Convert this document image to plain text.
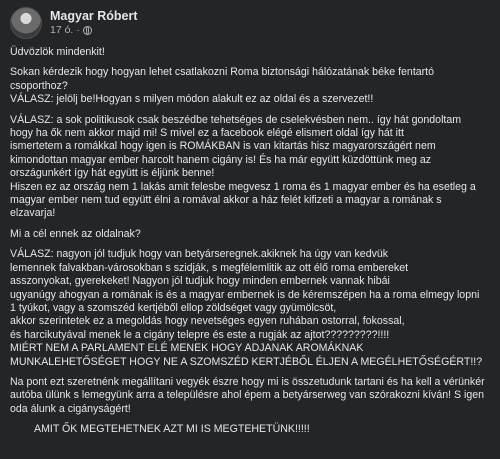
Magyar Róbert
17 ó. ·

Üdvözlök mindenkit!

Sokan kérdezik hogy hogyan lehet csatlakozni Roma biztonsági hálózatának béke fentartó

csoporthoz?

VÁLASZ: jelölj be!Hogyan s milyen módon alakult ez az oldal és a szervezet!!

VÁLASZ: a sok politikusok csak beszédbe tehetséges de cselekvésben nem.. így hát gondoltam

hogy ha ők nem akkor majd mi! S mivel ez a facebook elégé elismert oldal így hát itt

ismertetem a romákkal hogy igen is ROMÁKBAN is van kitartás hisz magyarországért nem

kimondottan magyar ember harcolt hanem cigány is! És ha már együtt küzdöttünk meg az

országunkért így hát együtt is éljünk benne!

Hiszen ez az ország nem 1 lakás amit felesbe megvesz 1 roma és 1 magyar ember és ha esetleg a

magyar ember nem tud együtt élni a romával akkor a ház felét kifizeti a magyar a romának s

elzavarja!

Mi a cél ennek az oldalnak?

VÁLASZ: nagyon jól tudjuk hogy van betyárseregnek.akiknek ha úgy van kedvük

lemennek falvakban-városokban s szidják, s megfélemlitik az ott élő roma embereket

asszonyokat, gyerekeket! Nagyon jól tudjuk hogy minden embernek vannak hibái

ugyanúgy ahogyan a romának is és a magyar embernek is de kéremszépen ha a roma elmegy lopni

1 tyúkot, vagy a szomszéd kertjéből ellop zöldséget vagy gyümölcsöt,

akkor szerintetek ez a megoldás hogy nevetséges egyen ruhában ostorral, fokossal,

és harcikutyával menek le a cigány telepre és este a rugják az ajtot?????????!!!!

MIÉRT NEM A PARLAMENT ELÉ MENEK HOGY ADJANAK AROMÁKNAK

MUNKALEHETŐSÉGET HOGY NE A SZOMSZÉD KERTJÉBŐL ÉLJEN A MEGÉLHETŐSÉGÉRT!!?

Na pont ezt szeretnénk megállítani vegyék észre hogy mi is összetudunk tartani és ha kell a vérünkér

autóba ülünk s lemegyünk arra a településre ahol épem a betyárserweg van szórakozni kíván! S igen

oda álunk a cigányságért!

AMIT ŐK MEGTEHETNEK AZT MI IS MEGTEHETÜNK!!!!!
